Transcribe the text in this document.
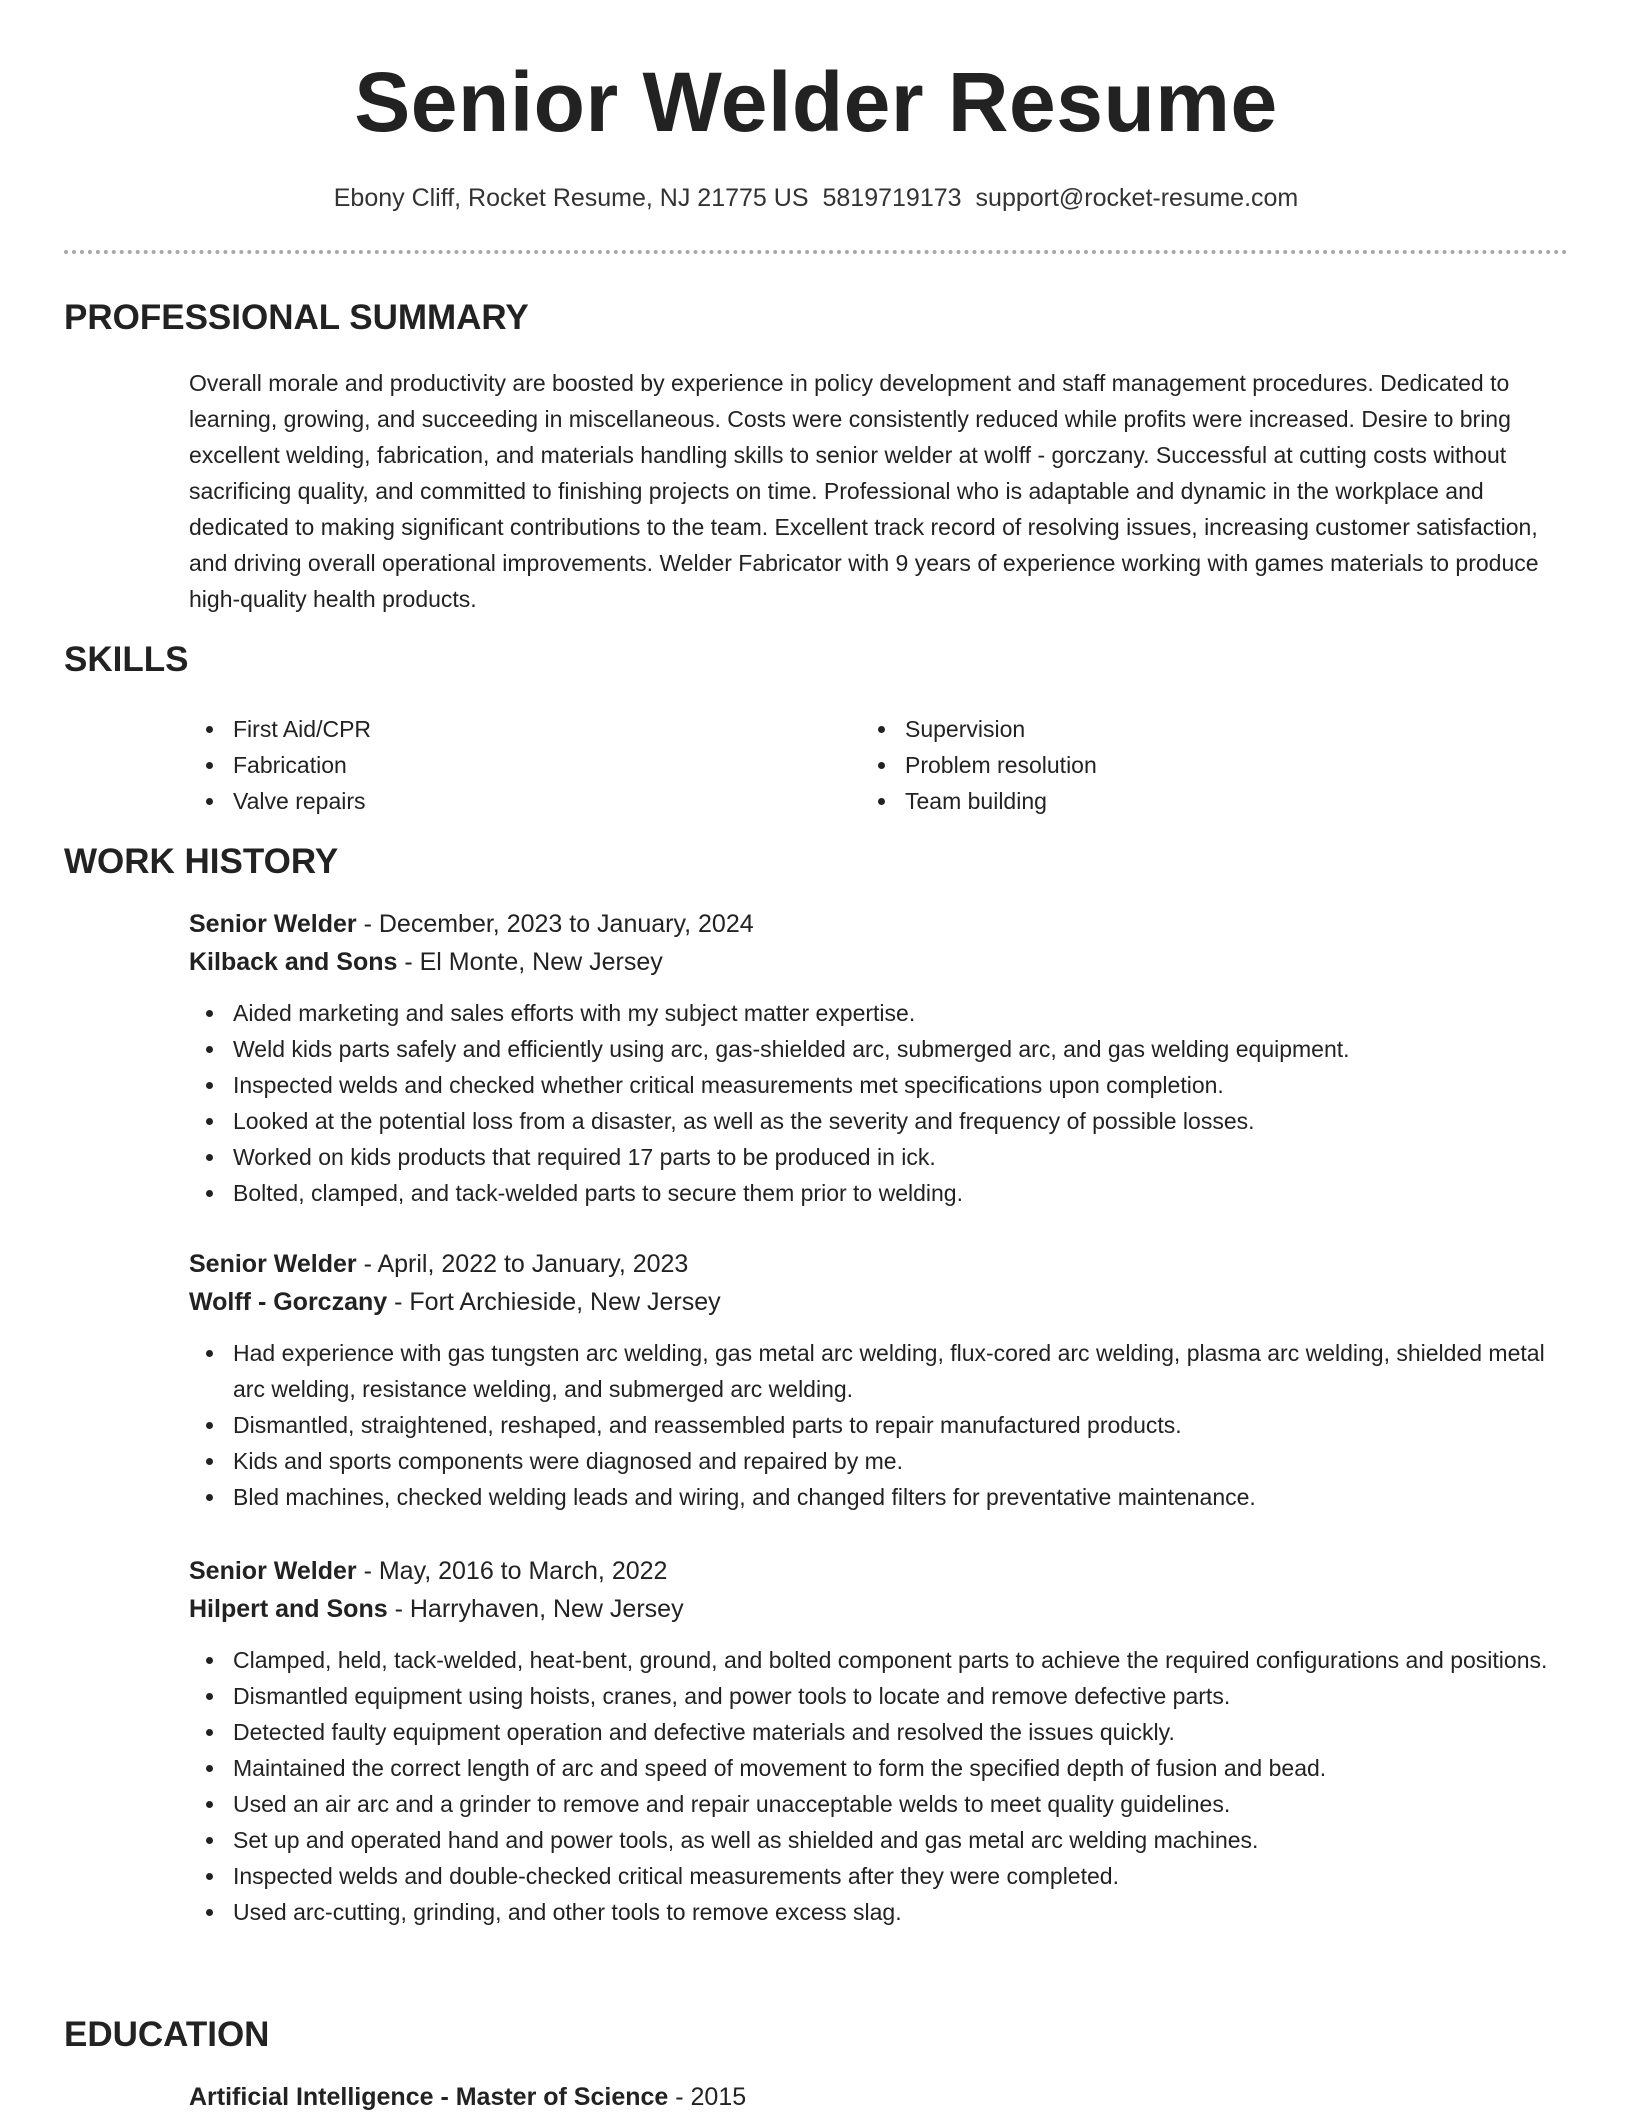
Senior Welder Resume
Ebony Cliff, Rocket Resume, NJ 21775 US 5819719173 support@rocket-resume.com
PROFESSIONAL SUMMARY
Overall morale and productivity are boosted by experience in policy development and staff management procedures. Dedicated to learning, growing, and succeeding in miscellaneous. Costs were consistently reduced while profits were increased. Desire to bring excellent welding, fabrication, and materials handling skills to senior welder at wolff - gorczany. Successful at cutting costs without sacrificing quality, and committed to finishing projects on time. Professional who is adaptable and dynamic in the workplace and dedicated to making significant contributions to the team. Excellent track record of resolving issues, increasing customer satisfaction, and driving overall operational improvements. Welder Fabricator with 9 years of experience working with games materials to produce high-quality health products.
SKILLS
First Aid/CPR
Fabrication
Valve repairs
Supervision
Problem resolution
Team building
WORK HISTORY
Senior Welder - December, 2023 to January, 2024
Kilback and Sons - El Monte, New Jersey
Aided marketing and sales efforts with my subject matter expertise.
Weld kids parts safely and efficiently using arc, gas-shielded arc, submerged arc, and gas welding equipment.
Inspected welds and checked whether critical measurements met specifications upon completion.
Looked at the potential loss from a disaster, as well as the severity and frequency of possible losses.
Worked on kids products that required 17 parts to be produced in ick.
Bolted, clamped, and tack-welded parts to secure them prior to welding.
Senior Welder - April, 2022 to January, 2023
Wolff - Gorczany - Fort Archieside, New Jersey
Had experience with gas tungsten arc welding, gas metal arc welding, flux-cored arc welding, plasma arc welding, shielded metal arc welding, resistance welding, and submerged arc welding.
Dismantled, straightened, reshaped, and reassembled parts to repair manufactured products.
Kids and sports components were diagnosed and repaired by me.
Bled machines, checked welding leads and wiring, and changed filters for preventative maintenance.
Senior Welder - May, 2016 to March, 2022
Hilpert and Sons - Harryhaven, New Jersey
Clamped, held, tack-welded, heat-bent, ground, and bolted component parts to achieve the required configurations and positions.
Dismantled equipment using hoists, cranes, and power tools to locate and remove defective parts.
Detected faulty equipment operation and defective materials and resolved the issues quickly.
Maintained the correct length of arc and speed of movement to form the specified depth of fusion and bead.
Used an air arc and a grinder to remove and repair unacceptable welds to meet quality guidelines.
Set up and operated hand and power tools, as well as shielded and gas metal arc welding machines.
Inspected welds and double-checked critical measurements after they were completed.
Used arc-cutting, grinding, and other tools to remove excess slag.
EDUCATION
Artificial Intelligence - Master of Science - 2015
